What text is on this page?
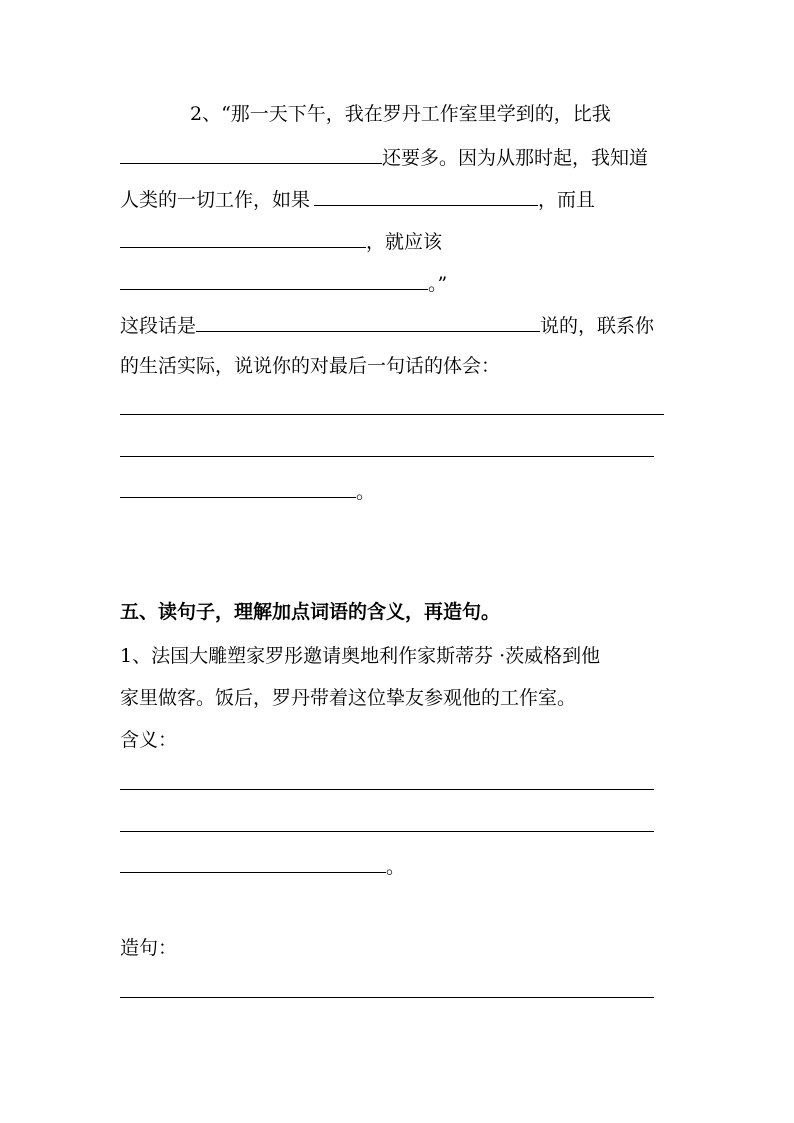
2、“那一天下午，我在罗丹工作室里学到的，比我
还要多。因为从那时起，我知道
人类的一切工作，如果	，而且
，就应该
。”
这段话是	说的，联系你
的生活实际，说说你的对最后一句话的体会：
。
五、读句子，理解加点词语的含义，再造句。
1、法国大雕塑家罗彤邀请奥地利作家斯蒂芬 ·茨威格到他
家里做客。饭后，罗丹带着这位挚友参观他的工作室。
含义：
。
造句：
